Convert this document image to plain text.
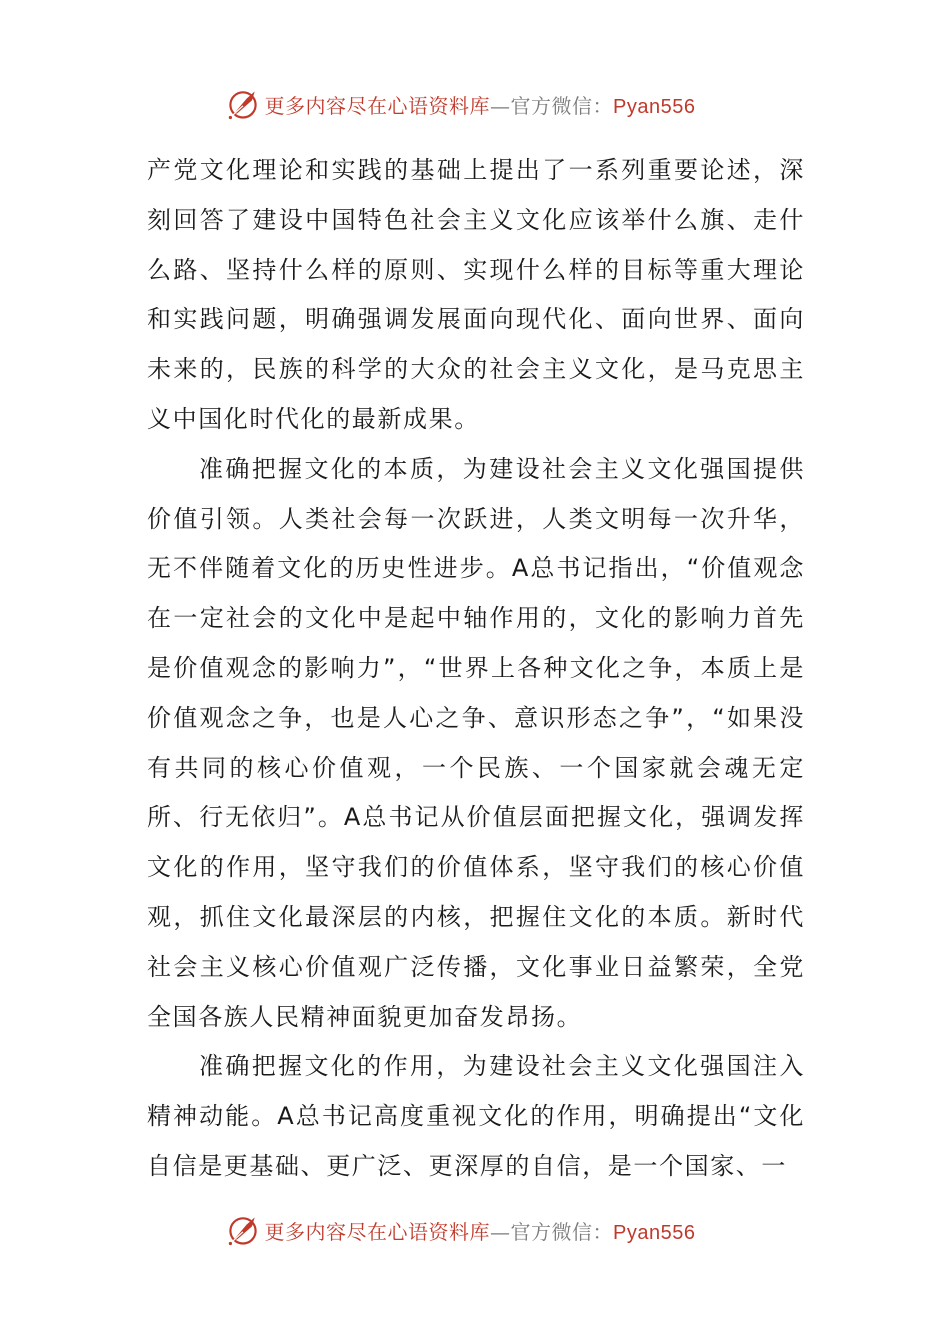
更多内容尽在心语资料库—官方微信：Pyan556

产党文化理论和实践的基础上提出了一系列重要论述，深刻回答了建设中国特色社会主义文化应该举什么旗、走什么路、坚持什么样的原则、实现什么样的目标等重大理论和实践问题，明确强调发展面向现代化、面向世界、面向未来的，民族的科学的大众的社会主义文化，是马克思主义中国化时代化的最新成果。

准确把握文化的本质，为建设社会主义文化强国提供价值引领。人类社会每一次跃进，人类文明每一次升华，无不伴随着文化的历史性进步。A总书记指出，“价值观念在一定社会的文化中是起中轴作用的，文化的影响力首先是价值观念的影响力”，“世界上各种文化之争，本质上是价值观念之争，也是人心之争、意识形态之争”，“如果没有共同的核心价值观，一个民族、一个国家就会魂无定所、行无依归”。A总书记从价值层面把握文化，强调发挥文化的作用，坚守我们的价值体系，坚守我们的核心价值观，抓住文化最深层的内核，把握住文化的本质。新时代社会主义核心价值观广泛传播，文化事业日益繁荣，全党全国各族人民精神面貌更加奋发昂扬。

准确把握文化的作用，为建设社会主义文化强国注入精神动能。A总书记高度重视文化的作用，明确提出“文化自信是更基础、更广泛、更深厚的自信，是一个国家、一

更多内容尽在心语资料库—官方微信：Pyan556
